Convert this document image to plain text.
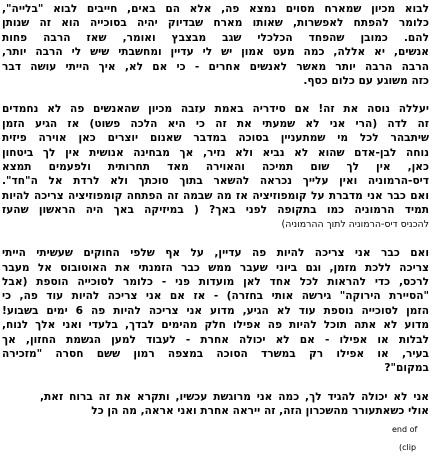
לבוא מכיון שמארח מסוים נמצא פה, אלא הם באים, חייבים לבוא "בלייה",
כלומר להפתח לאפשרות, שאותו מארח שבדיוק יהיה בסוכייה הוא זה שנותן
להם. כמובן שהפחד הכלכלי שגב מבצבץ ואומר, שאז הרבה פחות
אנשים, יא אללה, כמה מעט אמון יש לי עדיין ומחשבתי שיש לי הרבה יותר,
הרבה הרבה יותר מאשר לאנשים אחרים - כי אם לא, איך הייתי עושה דבר
כזה משוגע עם כלום כסף.
יעללה נוסה את זה! אם סידריה באמת עזבה מכיון שהאנשים פה לא נחמדים
זה לדה (הרי אני לא שמעתי את זה כי היא הלכה פשוט) אז הגיע הזמן
שיתבהר לכל מי שמתעניין בסוכה במדבר שאנום יוצרים כאן אוירה פיזית
נוחה לבן-אדם שהוא לא נביא ולא נזיר, אך מבחינה אנושית אין לך ביטחון
כאן, אין לך שום תמיכה והאוירה מאד תחרותית ולפעמים תמצא
דיס-הרמוניה ואין עלייך נכראה להשאר בתוך סוכתך ולא לרדת אל ה"חד".
ואם כבר אני מדברת על קומפוזיציה אז מה שבמה זה הפתחה קומפוזיציה צריכה להיות
תמיד הרמוניה כמו בתקופה לפני באך? ( במיזיקה באך היה הראשון שהעז
להכניס דיס-הרמוניה לתוך ההרמוניה)
ואם כבר אני צריכה להיות פה עדיין, על אף שלפי החוקים שעשיתי הייתי
צריכה ללכת מזמן, וגם ביוני שעבר ממש כבר הזמנתי את האוטובוס אל מעבר
לרכס, כדי להראות לכל אחד לאן מועדות פני - כלומר לסוכייה הוספת (אבל
"הסיירת הירוקה" גירשה אותי בחזרה) - אז אם אני צריכה להיות עוד פה, כי
הזמן לסוכייה נוספת עוד לא הגיע, מדוע אני צריכה להיות פה 6 ימים בשבוע!
מדוע לא אתה תוכל להיות פה אפילו חלק מהימים לבדך, בלעדי ואני אלך לנוח,
לבלות או אפילו - אם לא יכולה אחרת - לעבוד למען הגשמת החזון, אך
בעיר, או אפילו רק במשרד הסוכה במצפה רמון ששם חסרה "מזכירה
במקום"?
אני לא יכולה להגיד לך, כמה אני מרוגשת עכשיו, ותקרא את זה ברוח זאת,
אולי כשאתעורר מהשכרון הזה, זה ייראה אחרת ואני אראה, מה הן כל
end of
(clip
